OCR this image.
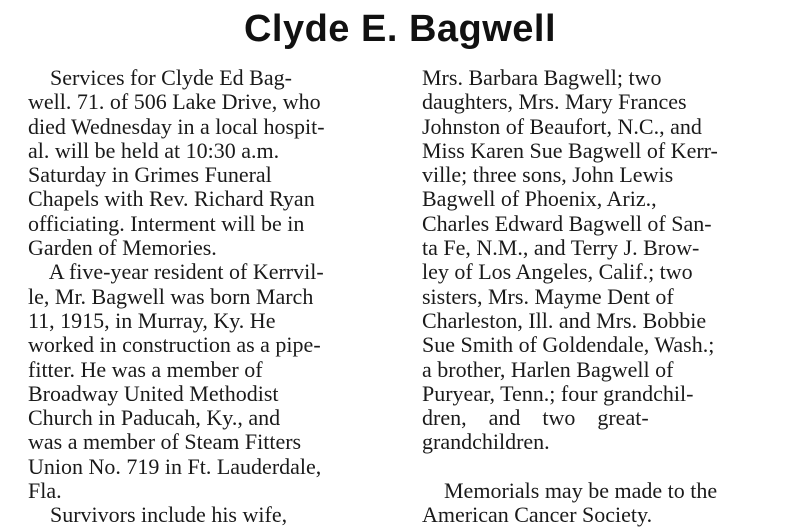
Clyde E. Bagwell
Services for Clyde Ed Bag-
well. 71. of 506 Lake Drive, who
died Wednesday in a local hospit-
al. will be held at 10:30 a.m.
Saturday in Grimes Funeral
Chapels with Rev. Richard Ryan
officiating. Interment will be in
Garden of Memories.
A five-year resident of Kerrvil-
le, Mr. Bagwell was born March
11, 1915, in Murray, Ky. He
worked in construction as a pipe-
fitter. He was a member of
Broadway United Methodist
Church in Paducah, Ky., and
was a member of Steam Fitters
Union No. 719 in Ft. Lauderdale,
Fla.
Survivors include his wife,
Mrs. Barbara Bagwell; two
daughters, Mrs. Mary Frances
Johnston of Beaufort, N.C., and
Miss Karen Sue Bagwell of Kerr-
ville; three sons, John Lewis
Bagwell of Phoenix, Ariz.,
Charles Edward Bagwell of San-
ta Fe, N.M., and Terry J. Brow-
ley of Los Angeles, Calif.; two
sisters, Mrs. Mayme Dent of
Charleston, Ill. and Mrs. Bobbie
Sue Smith of Goldendale, Wash.;
a brother, Harlen Bagwell of
Puryear, Tenn.; four grandchil-
dren,    and    two    great-
grandchildren.
Memorials may be made to the
American Cancer Society.
